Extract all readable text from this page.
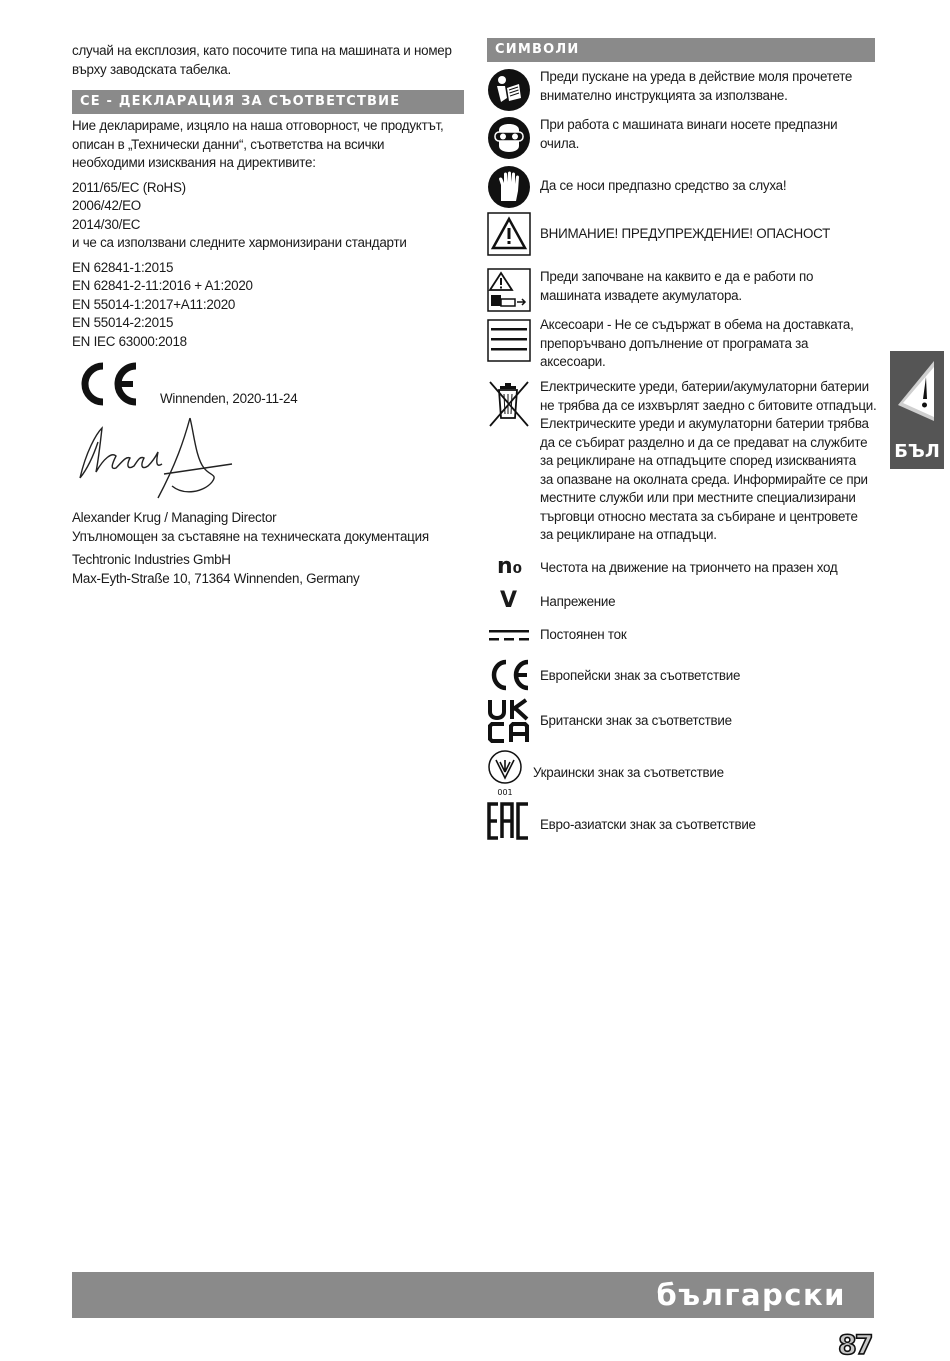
случай на експлозия, като посочите типа на машината и номер
върху заводската табелка.
CE - ДЕКЛАРАЦИЯ ЗА СЪОТВЕТСТВИЕ
Ние декларираме, изцяло на наша отговорност, че продуктът,
описан в „Технически данни“, съответства на всички
необходими изисквания на директивите:
2011/65/EC (RoHS)
2006/42/EO
2014/30/EC
и че са използвани следните хармонизирани стандарти
EN 62841-1:2015
EN 62841-2-11:2016 + A1:2020
EN 55014-1:2017+A11:2020
EN 55014-2:2015
EN IEC 63000:2018
Winnenden, 2020-11-24
Alexander Krug / Managing Director
Упълномощен за съставяне на техническата документация
Techtronic Industries GmbH
Max-Eyth-Straße 10, 71364 Winnenden, Germany
СИМВОЛИ
Преди пускане на уреда в действие моля прочетете
внимателно инструкцията за използване.
При работа с машината винаги носете предпазни
очила.
Да се носи предпазно средство за слуха!
ВНИМАНИЕ! ПРЕДУПРЕЖДЕНИЕ! ОПАСНОСТ
Преди започване на каквито е да е работи по
машината извадете акумулатора.
Аксесоари - Не се съдържат в обема на доставката,
препоръчвано допълнение от програмата за
аксесоари.
Електрическите уреди, батерии/акумулаторни батерии
не трябва да се изхвърлят заедно с битовите отпадъци.
Електрическите уреди и акумулаторни батерии трябва
да се събират разделно и да се предават на службите
за рециклиране на отпадъците според изискванията
за опазване на околната среда. Информирайте се при
местните служби или при местните специализирани
търговци относно местата за събиране и центровете
за рециклиране на отпадъци.
n₀ Честота на движение на триончето на празен ход
V Напрежение
Постоянен ток
Европейски знак за съответствие
Британски знак за съответствие
001
Украински знак за съответствие
Евро-азиатски знак за съответствие
БЪЛ
български
87
